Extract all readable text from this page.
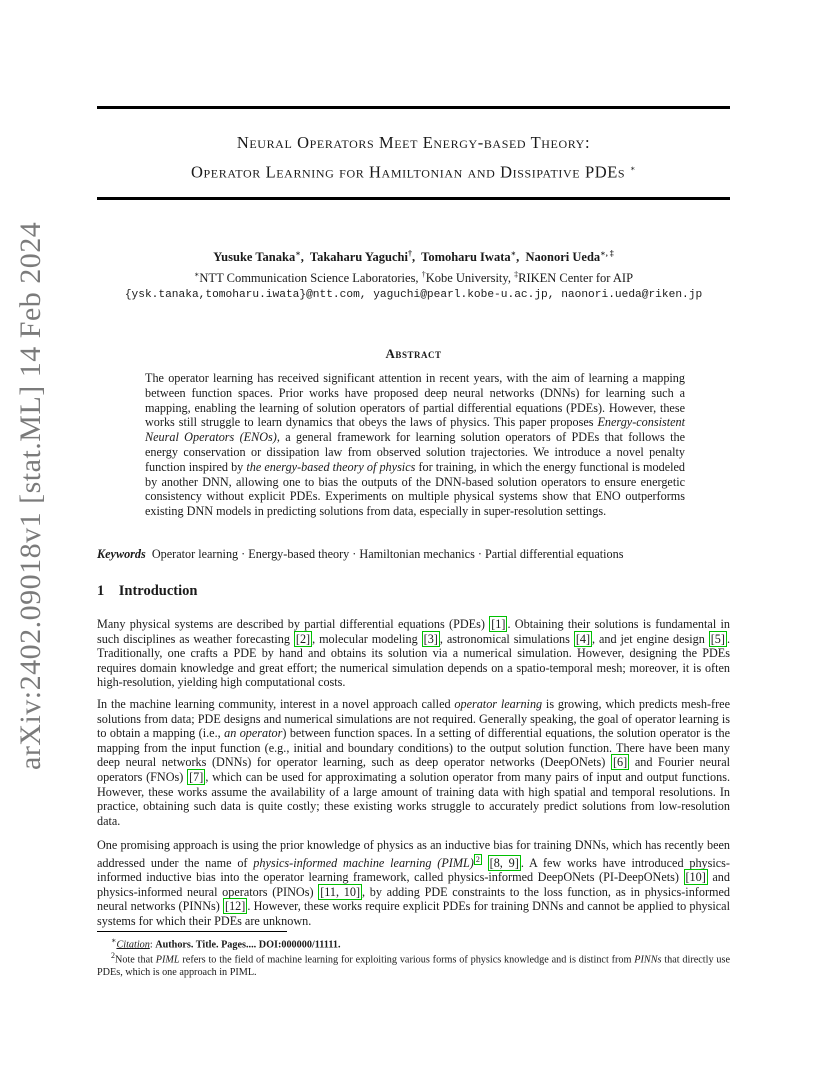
arXiv:2402.09018v1 [stat.ML] 14 Feb 2024
Neural Operators Meet Energy-based Theory:
Operator Learning for Hamiltonian and Dissipative PDEs ∗
Yusuke Tanaka∗,  Takaharu Yaguchi†,  Tomoharu Iwata∗,  Naonori Ueda∗, ‡
∗NTT Communication Science Laboratories, †Kobe University, ‡RIKEN Center for AIP
{ysk.tanaka,tomoharu.iwata}@ntt.com, yaguchi@pearl.kobe-u.ac.jp, naonori.ueda@riken.jp
Abstract
The operator learning has received significant attention in recent years, with the aim of learning a mapping between function spaces. Prior works have proposed deep neural networks (DNNs) for learning such a mapping, enabling the learning of solution operators of partial differential equations (PDEs). However, these works still struggle to learn dynamics that obeys the laws of physics. This paper proposes Energy-consistent Neural Operators (ENOs), a general framework for learning solution operators of PDEs that follows the energy conservation or dissipation law from observed solution trajectories. We introduce a novel penalty function inspired by the energy-based theory of physics for training, in which the energy functional is modeled by another DNN, allowing one to bias the outputs of the DNN-based solution operators to ensure energetic consistency without explicit PDEs. Experiments on multiple physical systems show that ENO outperforms existing DNN models in predicting solutions from data, especially in super-resolution settings.
Keywords Operator learning · Energy-based theory · Hamiltonian mechanics · Partial differential equations
1 Introduction
Many physical systems are described by partial differential equations (PDEs) [1] . Obtaining their solutions is fundamental in such disciplines as weather forecasting [2] , molecular modeling [3] , astronomical simulations [4] , and jet engine design [5] . Traditionally, one crafts a PDE by hand and obtains its solution via a numerical simulation. However, designing the PDEs requires domain knowledge and great effort; the numerical simulation depends on a spatio-temporal mesh; moreover, it is often high-resolution, yielding high computational costs.
In the machine learning community, interest in a novel approach called operator learning is growing, which predicts mesh-free solutions from data; PDE designs and numerical simulations are not required. Generally speaking, the goal of operator learning is to obtain a mapping (i.e., an operator) between function spaces. In a setting of differential equations, the solution operator is the mapping from the input function (e.g., initial and boundary conditions) to the output solution function. There have been many deep neural networks (DNNs) for operator learning, such as deep operator networks (DeepONets) [6] and Fourier neural operators (FNOs) [7] , which can be used for approximating a solution operator from many pairs of input and output functions. However, these works assume the availability of a large amount of training data with high spatial and temporal resolutions. In practice, obtaining such data is quite costly; these existing works struggle to accurately predict solutions from low-resolution data.
One promising approach is using the prior knowledge of physics as an inductive bias for training DNNs, which has recently been addressed under the name of physics-informed machine learning (PIML) $^2$ [8, 9] . A few works have introduced physics-informed inductive bias into the operator learning framework, called physics-informed DeepONets (PI-DeepONets) [10] and physics-informed neural operators (PINOs) [11, 10] , by adding PDE constraints to the loss function, as in physics-informed neural networks (PINNs) [12] . However, these works require explicit PDEs for training DNNs and cannot be applied to physical systems for which their PDEs are unknown.
∗Citation: Authors. Title. Pages.... DOI:000000/11111.
$^2$Note that PIML refers to the field of machine learning for exploiting various forms of physics knowledge and is distinct from PINNs that directly use PDEs, which is one approach in PIML.
